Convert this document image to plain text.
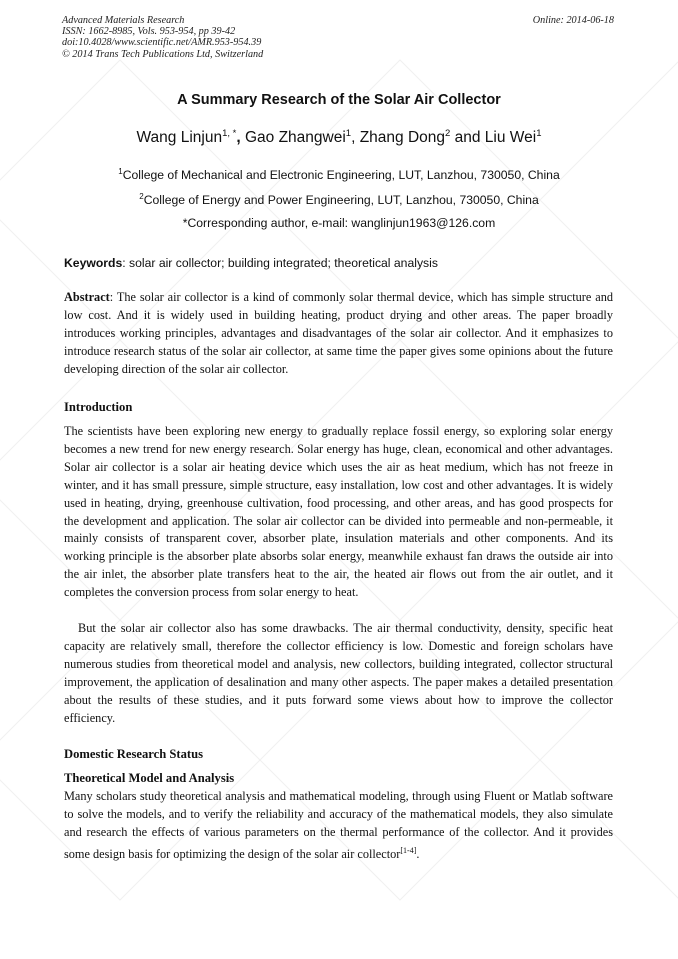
Advanced Materials Research
ISSN: 1662-8985, Vols. 953-954, pp 39-42
doi:10.4028/www.scientific.net/AMR.953-954.39
© 2014 Trans Tech Publications Ltd, Switzerland
Online: 2014-06-18
A Summary Research of the Solar Air Collector
Wang Linjun$^{1, *}$, Gao Zhangwei$^1$, Zhang Dong$^2$ and Liu Wei$^1$
$^1$College of Mechanical and Electronic Engineering, LUT, Lanzhou, 730050, China
$^2$College of Energy and Power Engineering, LUT, Lanzhou, 730050, China
*Corresponding author, e-mail: wanglinjun1963@126.com
Keywords: solar air collector; building integrated; theoretical analysis

Abstract: The solar air collector is a kind of commonly solar thermal device, which has simple structure and low cost. And it is widely used in building heating, product drying and other areas. The paper broadly introduces working principles, advantages and disadvantages of the solar air collector. And it emphasizes to introduce research status of the solar air collector, at same time the paper gives some opinions about the future developing direction of the solar air collector.

Introduction

The scientists have been exploring new energy to gradually replace fossil energy, so exploring solar energy becomes a new trend for new energy research. Solar energy has huge, clean, economical and other advantages. Solar air collector is a solar air heating device which uses the air as heat medium, which has not freeze in winter, and it has small pressure, simple structure, easy installation, low cost and other advantages. It is widely used in heating, drying, greenhouse cultivation, food processing, and other areas, and has good prospects for the development and application. The solar air collector can be divided into permeable and non-permeable, it mainly consists of transparent cover, absorber plate, insulation materials and other components. And its working principle is the absorber plate absorbs solar energy, meanwhile exhaust fan draws the outside air into the air inlet, the absorber plate transfers heat to the air, the heated air flows out from the air outlet, and it completes the conversion process from solar energy to heat.

But the solar air collector also has some drawbacks. The air thermal conductivity, density, specific heat capacity are relatively small, therefore the collector efficiency is low. Domestic and foreign scholars have numerous studies from theoretical model and analysis, new collectors, building integrated, collector structural improvement, the application of desalination and many other aspects. The paper makes a detailed presentation about the results of these studies, and it puts forward some views about how to improve the collector efficiency.

Domestic Research Status
Theoretical Model and Analysis

Many scholars study theoretical analysis and mathematical modeling, through using Fluent or Matlab software to solve the models, and to verify the reliability and accuracy of the mathematical models, they also simulate and research the effects of various parameters on the thermal performance of the collector. And it provides some design basis for optimizing the design of the solar air collector[1-4].
